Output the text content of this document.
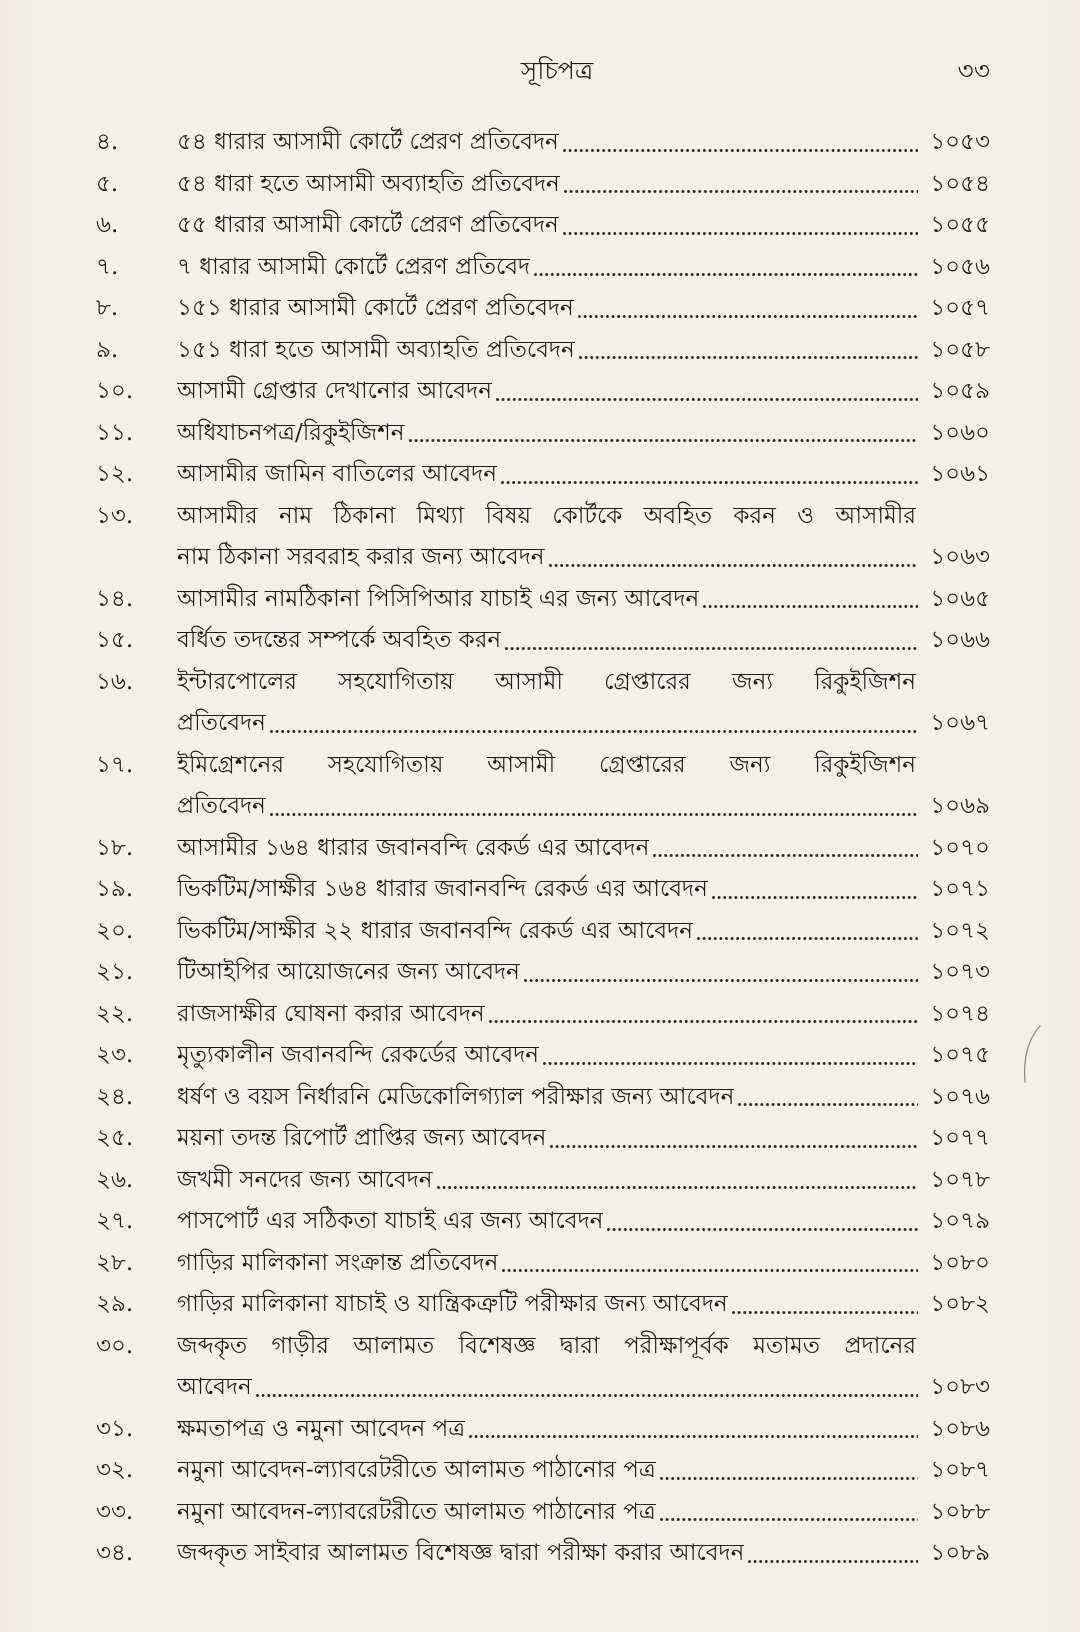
সূচিপত্র	৩৩
৪.	৫৪ ধারার আসামী কোর্টে প্রেরণ প্রতিবেদন	১০৫৩
৫.	৫৪ ধারা হতে আসামী অব্যাহতি প্রতিবেদন	১০৫৪
৬.	৫৫ ধারার আসামী কোর্টে প্রেরণ প্রতিবেদন	১০৫৫
৭.	৭ ধারার আসামী কোর্টে প্রেরণ প্রতিবেদ	১০৫৬
৮.	১৫১ ধারার আসামী কোর্টে প্রেরণ প্রতিবেদন	১০৫৭
৯.	১৫১ ধারা হতে আসামী অব্যাহতি প্রতিবেদন	১০৫৮
১০.	আসামী গ্রেপ্তার দেখানোর আবেদন	১০৫৯
১১.	অধিযাচনপত্র/রিকুইজিশন	১০৬০
১২.	আসামীর জামিন বাতিলের আবেদন	১০৬১
১৩.	আসামীর নাম ঠিকানা মিথ্যা বিষয় কোর্টকে অবহিত করন ও আসামীর
নাম ঠিকানা সরবরাহ করার জন্য আবেদন	১০৬৩
১৪.	আসামীর নামঠিকানা পিসিপিআর যাচাই এর জন্য আবেদন	১০৬৫
১৫.	বর্ধিত তদন্তের সম্পর্কে অবহিত করন	১০৬৬
১৬.	ইন্টারপোলের সহযোগিতায় আসামী গ্রেপ্তারের জন্য রিকুইজিশন
প্রতিবেদন	১০৬৭
১৭.	ইমিগ্রেশনের সহযোগিতায় আসামী গ্রেপ্তারের জন্য রিকুইজিশন
প্রতিবেদন	১০৬৯
১৮.	আসামীর ১৬৪ ধারার জবানবন্দি রেকর্ড এর আবেদন	১০৭০
১৯.	ভিকটিম/সাক্ষীর ১৬৪ ধারার জবানবন্দি রেকর্ড এর আবেদন	১০৭১
২০.	ভিকটিম/সাক্ষীর ২২ ধারার জবানবন্দি রেকর্ড এর আবেদন	১০৭২
২১.	টিআইপির আয়োজনের জন্য আবেদন	১০৭৩
২২.	রাজসাক্ষীর ঘোষনা করার আবেদন	১০৭৪
২৩.	মৃত্যুকালীন জবানবন্দি রেকর্ডের আবেদন	১০৭৫
২৪.	ধর্ষণ ও বয়স নির্ধারনি মেডিকোলিগ্যাল পরীক্ষার জন্য আবেদন	১০৭৬
২৫.	ময়না তদন্ত রিপোর্ট প্রাপ্তির জন্য আবেদন	১০৭৭
২৬.	জখমী সনদের জন্য আবেদন	১০৭৮
২৭.	পাসপোর্ট এর সঠিকতা যাচাই এর জন্য আবেদন	১০৭৯
২৮.	গাড়ির মালিকানা সংক্রান্ত প্রতিবেদন	১০৮০
২৯.	গাড়ির মালিকানা যাচাই ও যান্ত্রিকত্রুটি পরীক্ষার জন্য আবেদন	১০৮২
৩০.	জব্দকৃত গাড়ীর আলামত বিশেষজ্ঞ দ্বারা পরীক্ষাপূর্বক মতামত প্রদানের
আবেদন	১০৮৩
৩১.	ক্ষমতাপত্র ও নমুনা আবেদন পত্র	১০৮৬
৩২.	নমুনা আবেদন-ল্যাবরেটরীতে আলামত পাঠানোর পত্র	১০৮৭
৩৩.	নমুনা আবেদন-ল্যাবরেটরীতে আলামত পাঠানোর পত্র	১০৮৮
৩৪.	জব্দকৃত সাইবার আলামত বিশেষজ্ঞ দ্বারা পরীক্ষা করার আবেদন	১০৮৯
